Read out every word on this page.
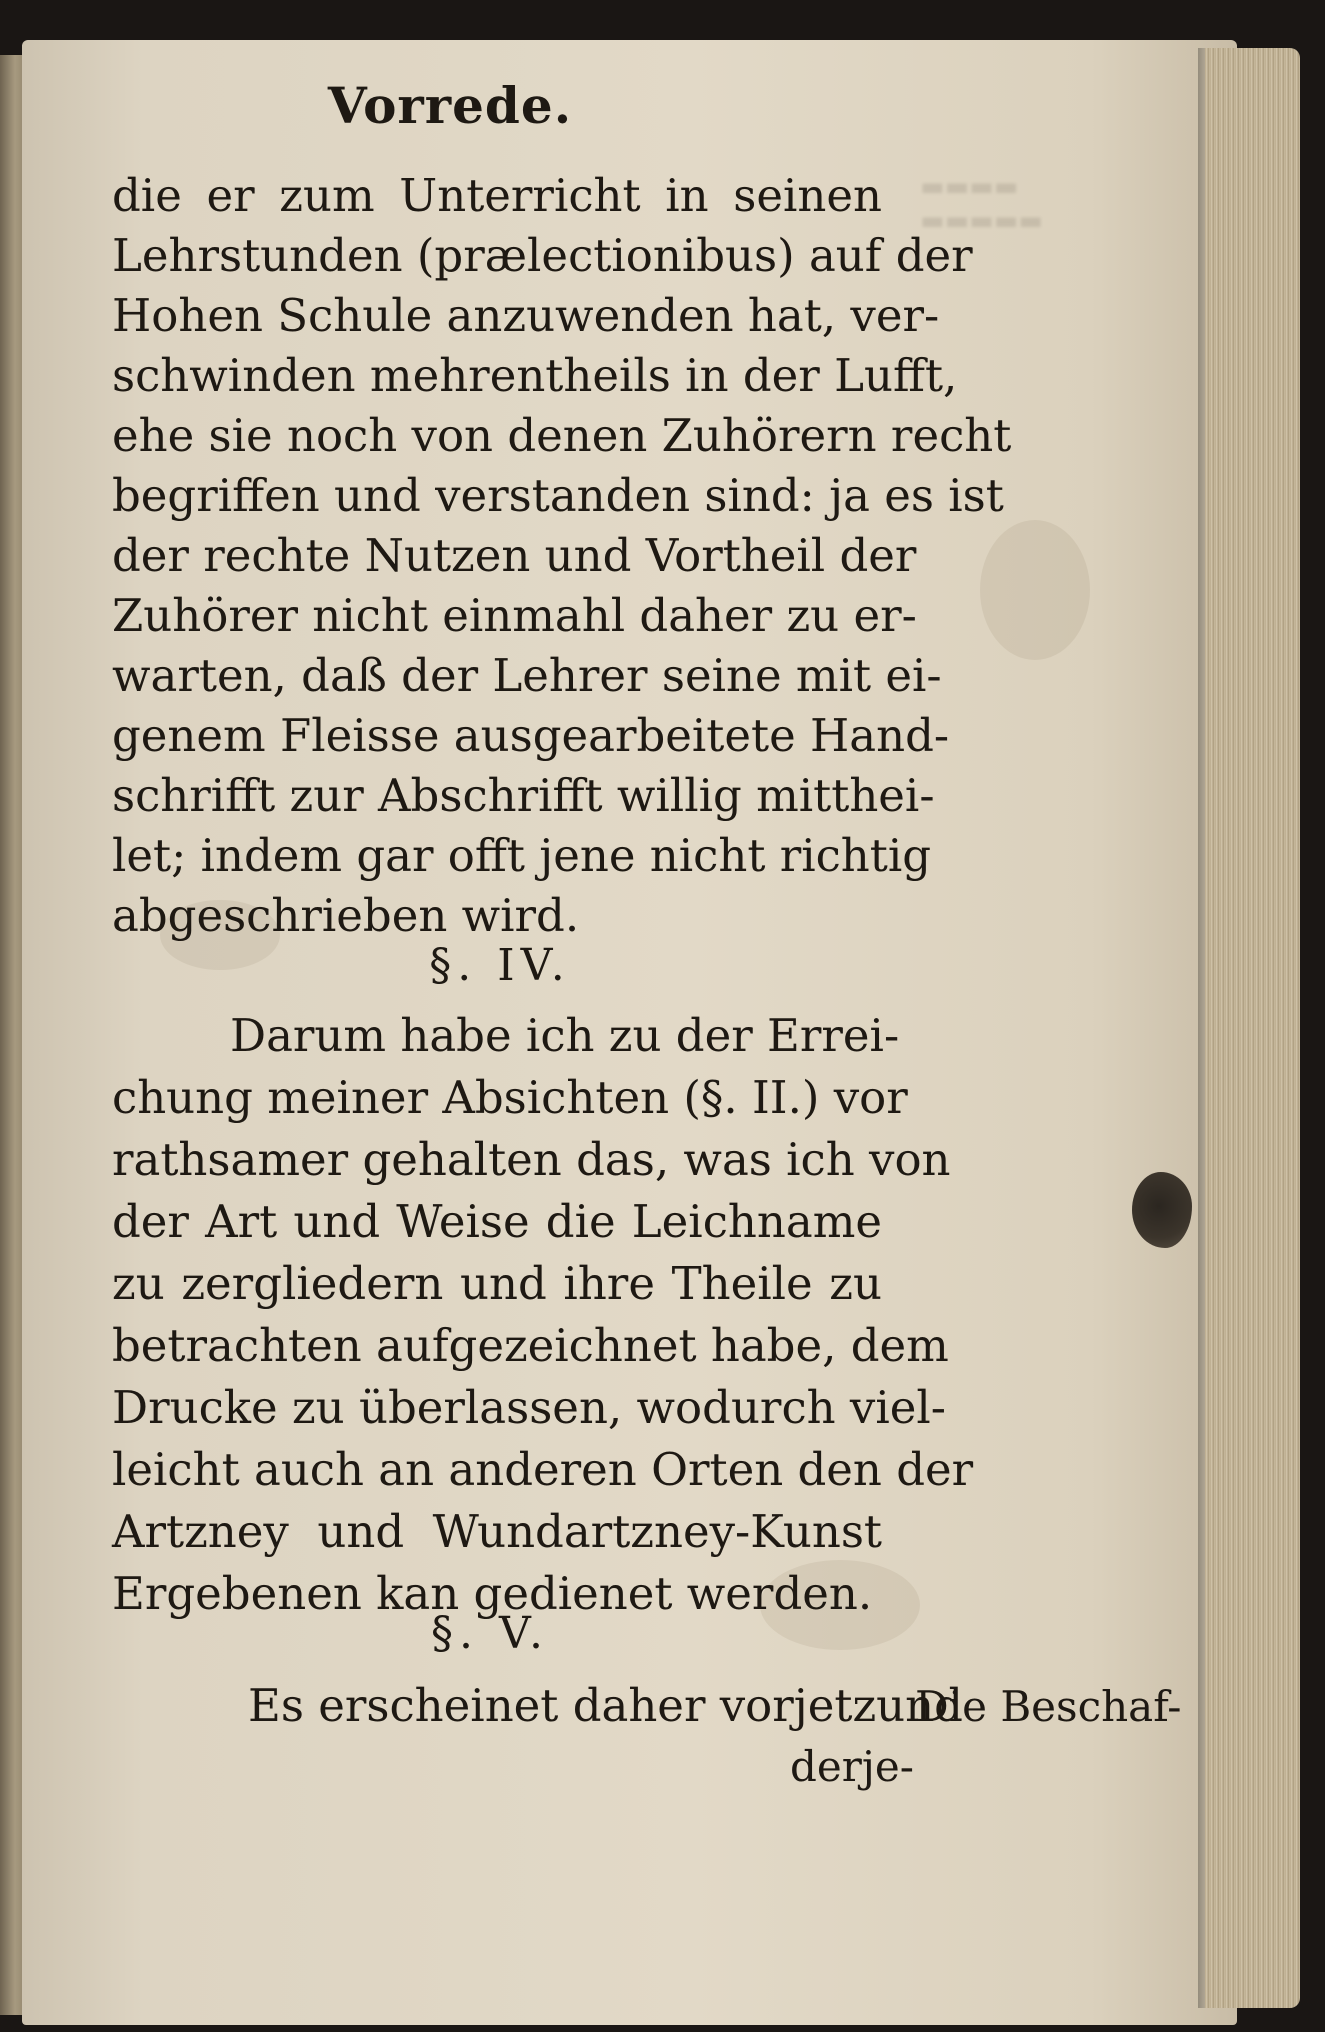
▬▬▬▬
▬▬▬▬▬
Vorrede.
die er zum Unterricht in seinen
Lehrstunden (prælectionibus) auf der
Hohen Schule anzuwenden hat, ver-
schwinden mehrentheils in der Lufft,
ehe sie noch von denen Zuhörern recht
begriffen und verstanden sind: ja es ist
der rechte Nutzen und Vortheil der
Zuhörer nicht einmahl daher zu er-
warten, daß der Lehrer seine mit ei-
genem Fleisse ausgearbeitete Hand-
schrifft zur Abschrifft willig mitthei-
let; indem gar offt jene nicht richtig
abgeschrieben wird.
§. IV.
Darum habe ich zu der Errei-
chung meiner Absichten (§. II.) vor
rathsamer gehalten das, was ich von
der Art und Weise die Leichname
zu zergliedern und ihre Theile zu
betrachten aufgezeichnet habe, dem
Drucke zu überlassen, wodurch viel-
leicht auch an anderen Orten den der
Artzney und Wundartzney-Kunst
Ergebenen kan gedienet werden.
§. V.
Es erscheinet daher vorjetzund
Die Beschaf-
derje-
